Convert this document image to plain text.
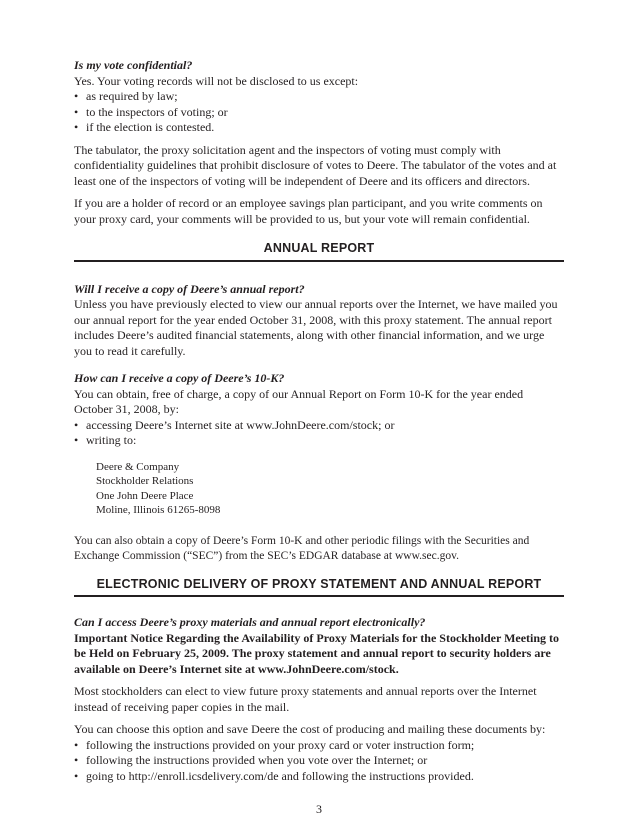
Is my vote confidential?

Yes. Your voting records will not be disclosed to us except:

• as required by law;
• to the inspectors of voting; or
• if the election is contested.

The tabulator, the proxy solicitation agent and the inspectors of voting must comply with confidentiality guidelines that prohibit disclosure of votes to Deere. The tabulator of the votes and at least one of the inspectors of voting will be independent of Deere and its officers and directors.

If you are a holder of record or an employee savings plan participant, and you write comments on your proxy card, your comments will be provided to us, but your vote will remain confidential.

ANNUAL REPORT

Will I receive a copy of Deere’s annual report?

Unless you have previously elected to view our annual reports over the Internet, we have mailed you our annual report for the year ended October 31, 2008, with this proxy statement. The annual report includes Deere’s audited financial statements, along with other financial information, and we urge you to read it carefully.

How can I receive a copy of Deere’s 10-K?

You can obtain, free of charge, a copy of our Annual Report on Form 10-K for the year ended October 31, 2008, by:

• accessing Deere’s Internet site at www.JohnDeere.com/stock; or
• writing to:

Deere & Company

Stockholder Relations

One John Deere Place

Moline, Illinois 61265-8098

You can also obtain a copy of Deere’s Form 10-K and other periodic filings with the Securities and Exchange Commission (“SEC”) from the SEC’s EDGAR database at www.sec.gov.

ELECTRONIC DELIVERY OF PROXY STATEMENT AND ANNUAL REPORT

Can I access Deere’s proxy materials and annual report electronically?

Important Notice Regarding the Availability of Proxy Materials for the Stockholder Meeting to be Held on February 25, 2009. The proxy statement and annual report to security holders are available on Deere’s Internet site at www.JohnDeere.com/stock.

Most stockholders can elect to view future proxy statements and annual reports over the Internet instead of receiving paper copies in the mail.

You can choose this option and save Deere the cost of producing and mailing these documents by:

• following the instructions provided on your proxy card or voter instruction form;
• following the instructions provided when you vote over the Internet; or
• going to http://enroll.icsdelivery.com/de and following the instructions provided.
3
